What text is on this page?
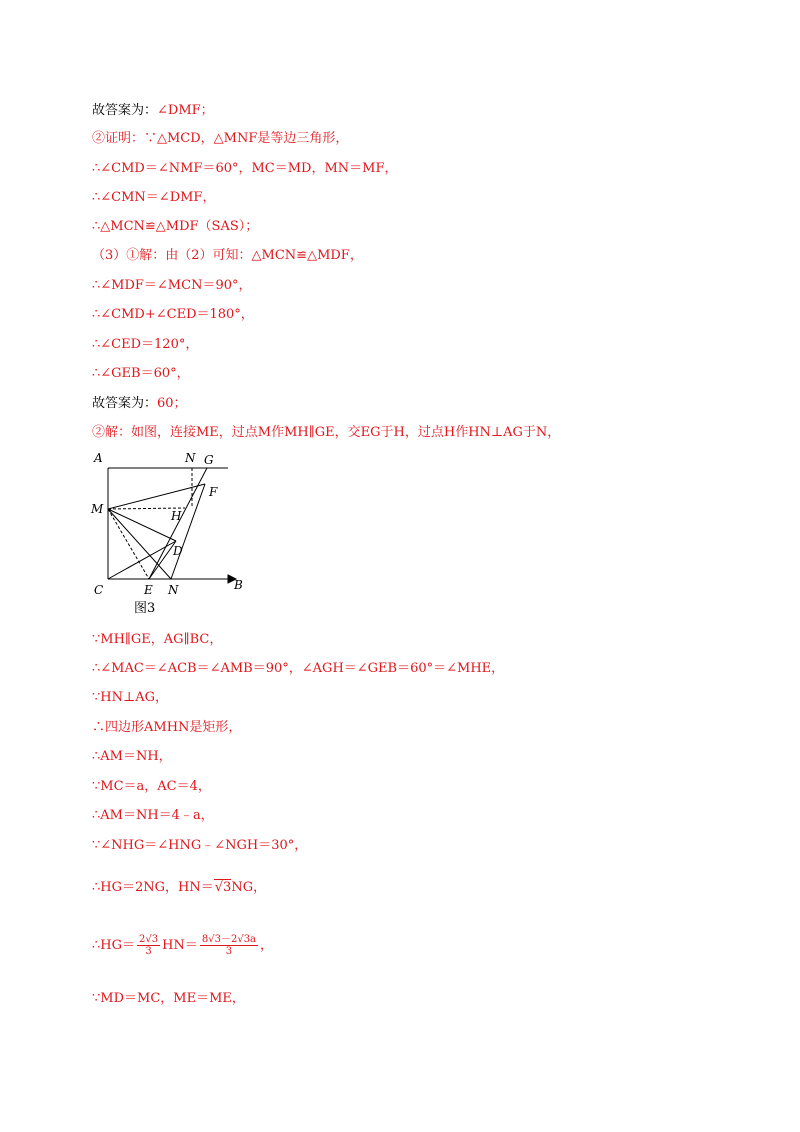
故答案为：∠DMF；
②证明：∵△MCD，△MNF是等边三角形，
∴∠CMD＝∠NMF＝60°，MC＝MD，MN＝MF，
∴∠CMN＝∠DMF，
∴△MCN≌△MDF（SAS）；
（3）①解：由（2）可知：△MCN≌△MDF，
∴∠MDF＝∠MCN＝90°，
∴∠CMD+∠CED＝180°，
∴∠CED＝120°，
∴∠GEB＝60°，
故答案为：60；
②解：如图，连接ME，过点M作MH∥GE，交EG于H，过点H作HN⊥AG于N，
A	N G
F
M	H
D
C	E N	B
图3
∵MH∥GE，AG∥BC，
∴∠MAC＝∠ACB＝∠AMB＝90°，∠AGH＝∠GEB＝60°＝∠MHE，
∵HN⊥AG，
∴四边形AMHN是矩形，
∴AM＝NH，
∵MC＝a，AC＝4，
∴AM＝NH＝4﹣a，
∵∠NHG＝∠HNG﹣∠NGH＝30°，
∴HG＝2NG，HN＝√3NG，
∴HG＝ $\frac{2√3}{3} HN= \frac{8√3-2√3a}{3}$ ，
∵MD＝MC，ME＝ME，
